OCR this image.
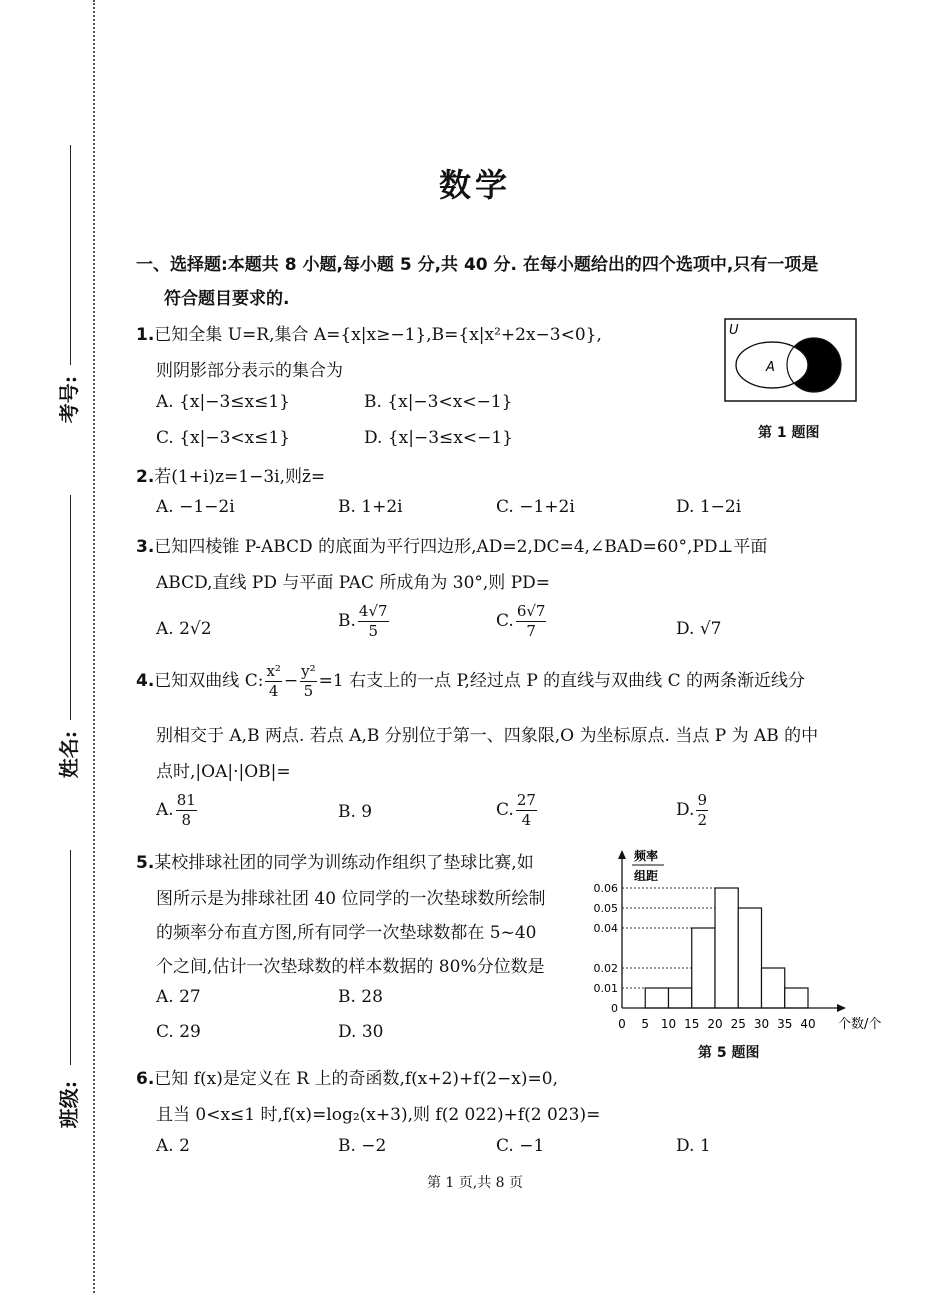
考号:
姓名:
班级:
数学
一、选择题:本题共 8 小题,每小题 5 分,共 40 分. 在每小题给出的四个选项中,只有一项是
符合题目要求的.
1.已知全集 U=R,集合 A={x|x≥−1},B={x|x²+2x−3<0},
则阴影部分表示的集合为
A. {x|−3≤x≤1}	B. {x|−3<x<−1}
C. {x|−3<x≤1}	D. {x|−3≤x<−1}
U
A
第 1 题图
2.若(1+i)z=1−3i,则z̄=
A. −1−2i	B. 1+2i	C. −1+2i	D. 1−2i
3.已知四棱锥 P-ABCD 的底面为平行四边形,AD=2,DC=4,∠BAD=60°,PD⊥平面
ABCD,直线 PD 与平面 PAC 所成角为 30°,则 PD=
A. 2√2	B. $\frac{4√7}{5}$	C. $\frac{6√7}{7}$	D. √7
4.已知双曲线 C: $\frac{\text{x²}}{4} - \frac{\text{y²}}{5} =1$ 右支上的一点 P,经过点 P 的直线与双曲线 C 的两条渐近线分
别相交于 A,B 两点. 若点 A,B 分别位于第一、四象限,O 为坐标原点. 当点 P 为 AB 的中
点时,|OA|·|OB|=
A. $\frac{81}{8}$	B. 9	C. $\frac{27}{4}$	D. $\frac{9}{2}$
5.某校排球社团的同学为训练动作组织了垫球比赛,如
图所示是为排球社团 40 位同学的一次垫球数所绘制
的频率分布直方图,所有同学一次垫球数都在 5~40
个之间,估计一次垫球数的样本数据的 80%分位数是
A. 27	B. 28
C. 29	D. 30
频率
组距
0.06
0.05
0.04
0.02
0.01
0
0 5 10 15 20 25 30 35 40 个数/个
第 5 题图
6.已知 f(x)是定义在 R 上的奇函数,f(x+2)+f(2−x)=0,
且当 0<x≤1 时,f(x)=log₂(x+3),则 f(2 022)+f(2 023)=
A. 2	B. −2	C. −1	D. 1
第 1 页,共 8 页
